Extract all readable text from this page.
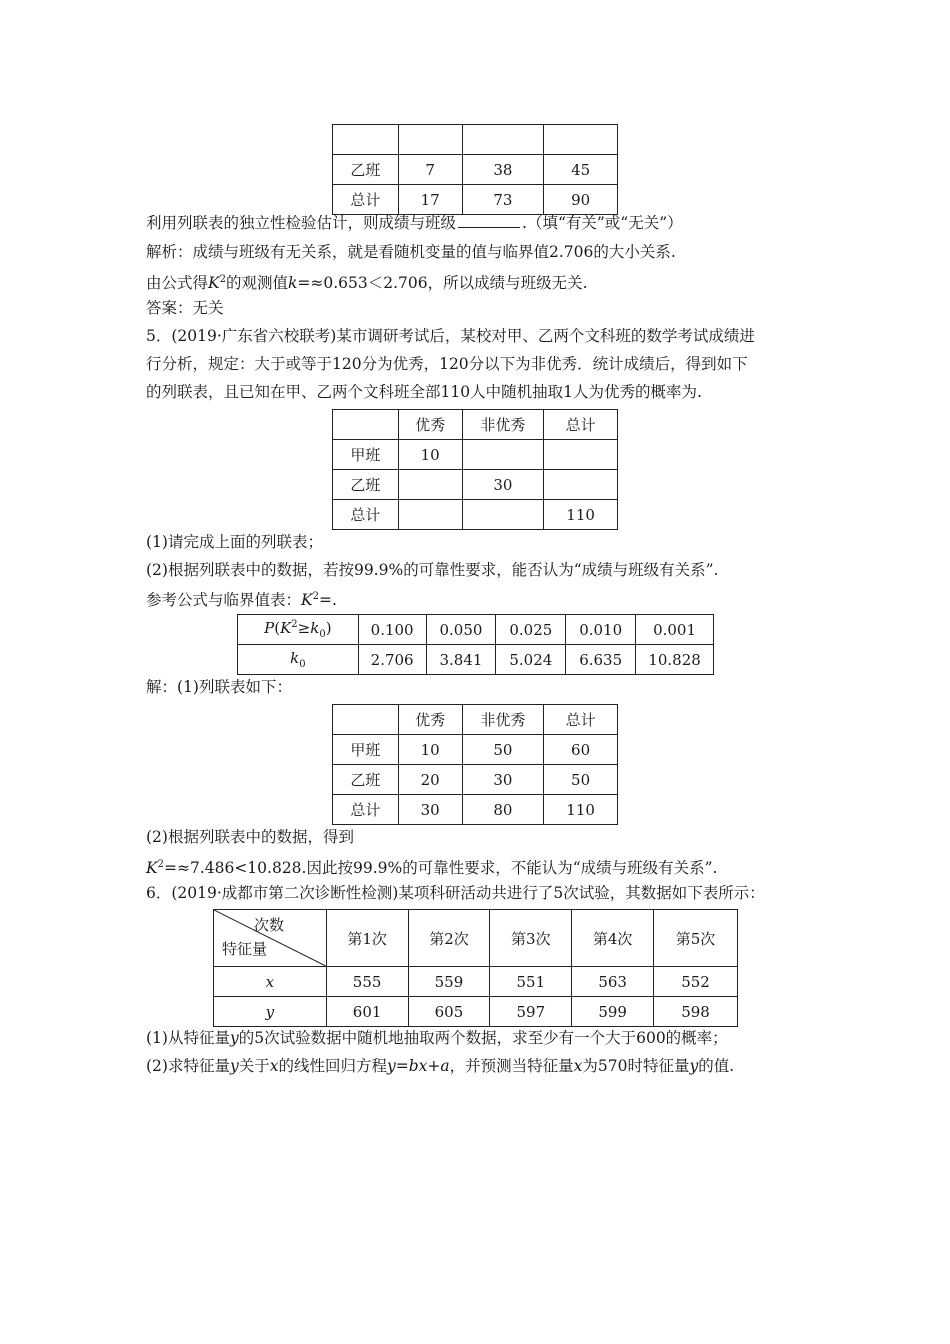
乙班	7	38	45
总计	17	73	90
利用列联表的独立性检验估计，则成绩与班级	.（填“有关”或“无关”）
解析：成绩与班级有无关系，就是看随机变量的值与临界值2.706的大小关系.
由公式得$K^2$的观测值k=≈0.653＜2.706，所以成绩与班级无关.
答案：无关
5．(2019·广东省六校联考)某市调研考试后，某校对甲、乙两个文科班的数学考试成绩进
行分析，规定：大于或等于120分为优秀，120分以下为非优秀．统计成绩后，得到如下
的列联表，且已知在甲、乙两个文科班全部110人中随机抽取1人为优秀的概率为.
	优秀	非优秀	总计
甲班	10		
乙班		30	
总计			110
(1)请完成上面的列联表；
(2)根据列联表中的数据，若按99.9%的可靠性要求，能否认为“成绩与班级有关系”.
参考公式与临界值表：$K^2=$.
$P(K^2\ge k_0)$	0.100	0.050	0.025	0.010	0.001
$k_0$	2.706	3.841	5.024	6.635	10.828
解：(1)列联表如下：
	优秀	非优秀	总计
甲班	10	50	60
乙班	20	30	50
总计	30	80	110
(2)根据列联表中的数据，得到
$K^2=\approx 7.486<10.828$.因此按99.9%的可靠性要求，不能认为“成绩与班级有关系”.
6．(2019·成都市第二次诊断性检测)某项科研活动共进行了5次试验，其数据如下表所示：
次数
特征量	第1次	第2次	第3次	第4次	第5次
x	555	559	551	563	552
y	601	605	597	599	598
(1)从特征量y的5次试验数据中随机地抽取两个数据，求至少有一个大于600的概率；
(2)求特征量y关于x的线性回归方程y=bx+a，并预测当特征量x为570时特征量y的值.
